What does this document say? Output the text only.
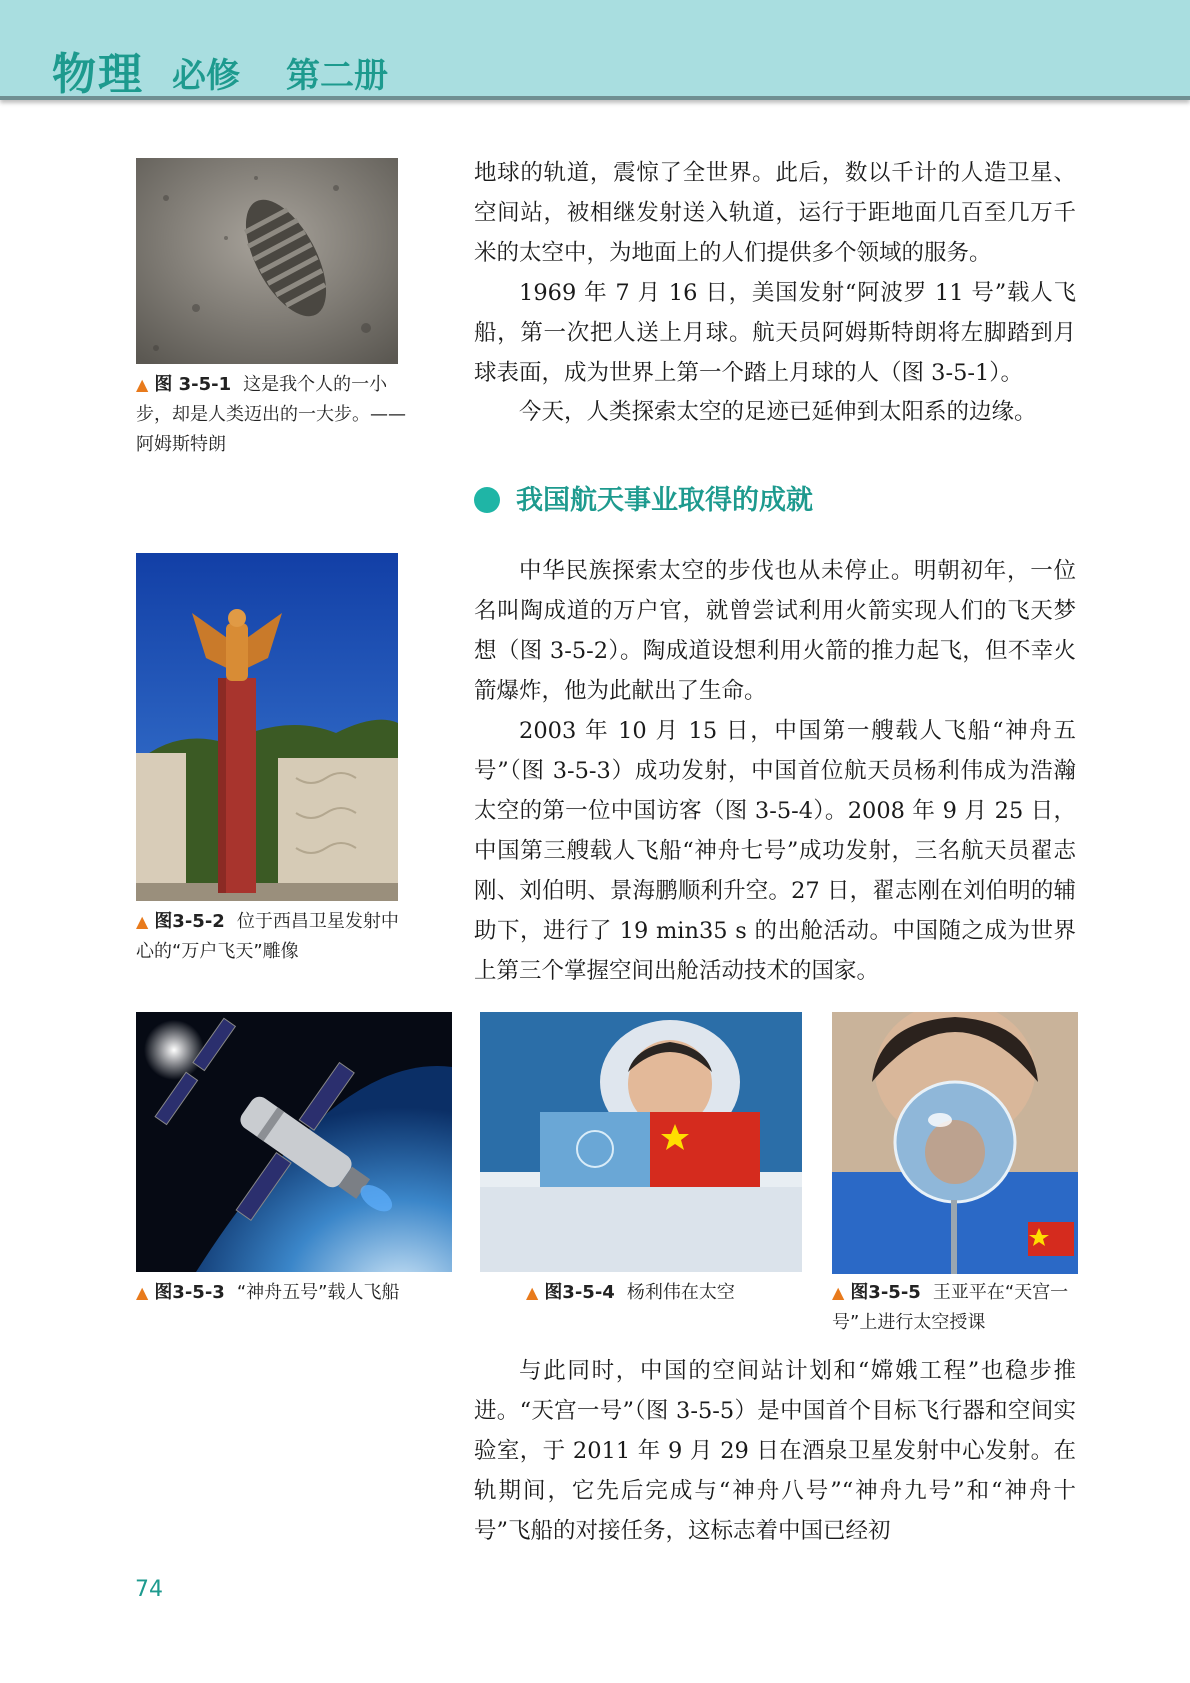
物理 必修 第二册
▲ 图 3-5-1 这是我个人的一小步，却是人类迈出的一大步。——阿姆斯特朗

地球的轨道，震惊了全世界。此后，数以千计的人造卫星、空间站，被相继发射送入轨道，运行于距地面几百至几万千米的太空中，为地面上的人们提供多个领域的服务。

1969 年 7 月 16 日，美国发射“阿波罗 11 号”载人飞船，第一次把人送上月球。航天员阿姆斯特朗将左脚踏到月球表面，成为世界上第一个踏上月球的人（图 3-5-1）。

今天，人类探索太空的足迹已延伸到太阳系的边缘。

我国航天事业取得的成就
▲ 图3-5-2 位于西昌卫星发射中心的“万户飞天”雕像

中华民族探索太空的步伐也从未停止。明朝初年，一位名叫陶成道的万户官，就曾尝试利用火箭实现人们的飞天梦想（图 3-5-2）。陶成道设想利用火箭的推力起飞，但不幸火箭爆炸，他为此献出了生命。

2003 年 10 月 15 日，中国第一艘载人飞船“神舟五号”（图 3-5-3）成功发射，中国首位航天员杨利伟成为浩瀚太空的第一位中国访客（图 3-5-4）。2008 年 9 月 25 日，中国第三艘载人飞船“神舟七号”成功发射，三名航天员翟志刚、刘伯明、景海鹏顺利升空。27 日，翟志刚在刘伯明的辅助下，进行了 19 min35 s 的出舱活动。中国随之成为世界上第三个掌握空间出舱活动技术的国家。

▲ 图3-5-3 “神舟五号”载人飞船	▲ 图3-5-4 杨利伟在太空	▲ 图3-5-5 王亚平在“天宫一号”上进行太空授课

与此同时，中国的空间站计划和“嫦娥工程”也稳步推进。“天宫一号”（图 3-5-5）是中国首个目标飞行器和空间实验室，于 2011 年 9 月 29 日在酒泉卫星发射中心发射。在轨期间，它先后完成与“神舟八号”“神舟九号”和“神舟十号”飞船的对接任务，这标志着中国已经初

74
